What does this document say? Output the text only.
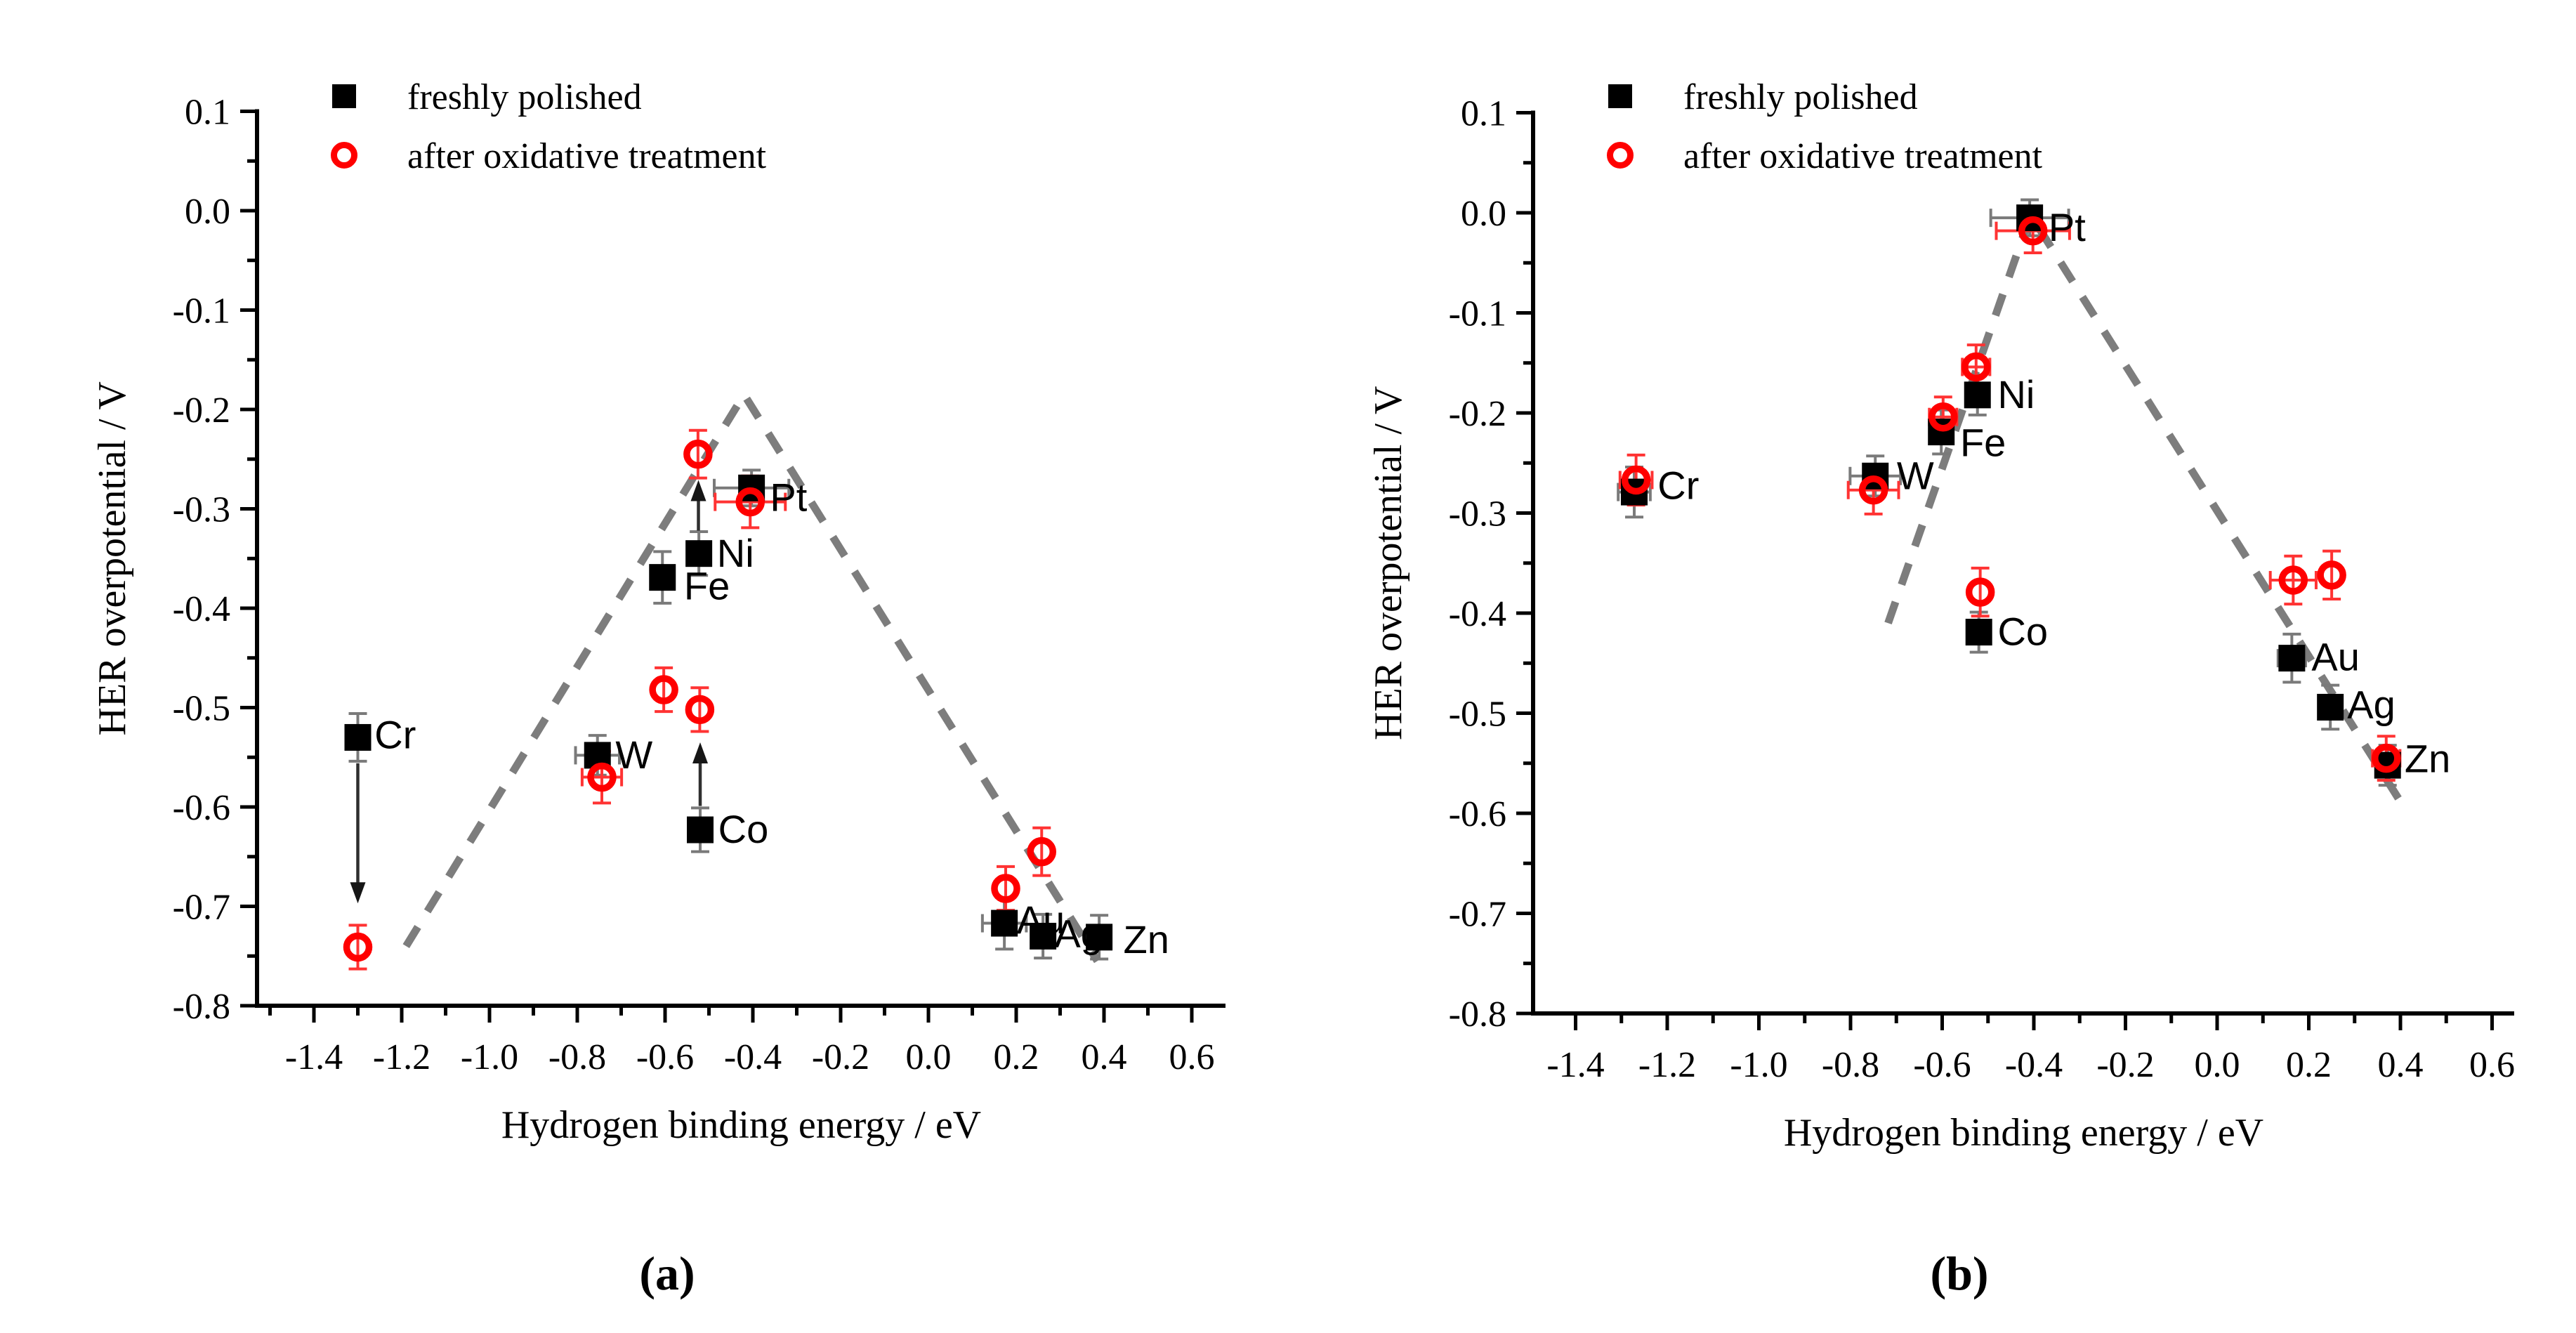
0.1
0.0
-0.1
-0.2
-0.3
-0.4
-0.5
-0.6
-0.7
-0.8
-1.4 -1.2 -1.0 -0.8 -0.6 -0.4 -0.2 0.0 0.2 0.4 0.6
Hydrogen binding energy / eV
HER overpotential / V
freshly polished
after oxidative treatment
Cr	W
Fe
Ni
Co
Pt
Au
Ag Zn
(a)
0.1
0.0
-0.1
-0.2
-0.3
-0.4
-0.5
-0.6
-0.7
-0.8
-1.4 -1.2 -1.0 -0.8 -0.6 -0.4 -0.2 0.0 0.2 0.4 0.6
Hydrogen binding energy / eV
HER overpotential / V
freshly polished
after oxidative treatment
Cr	W
Fe
Ni
Co
Pt
Au
Ag
Zn
(b)
